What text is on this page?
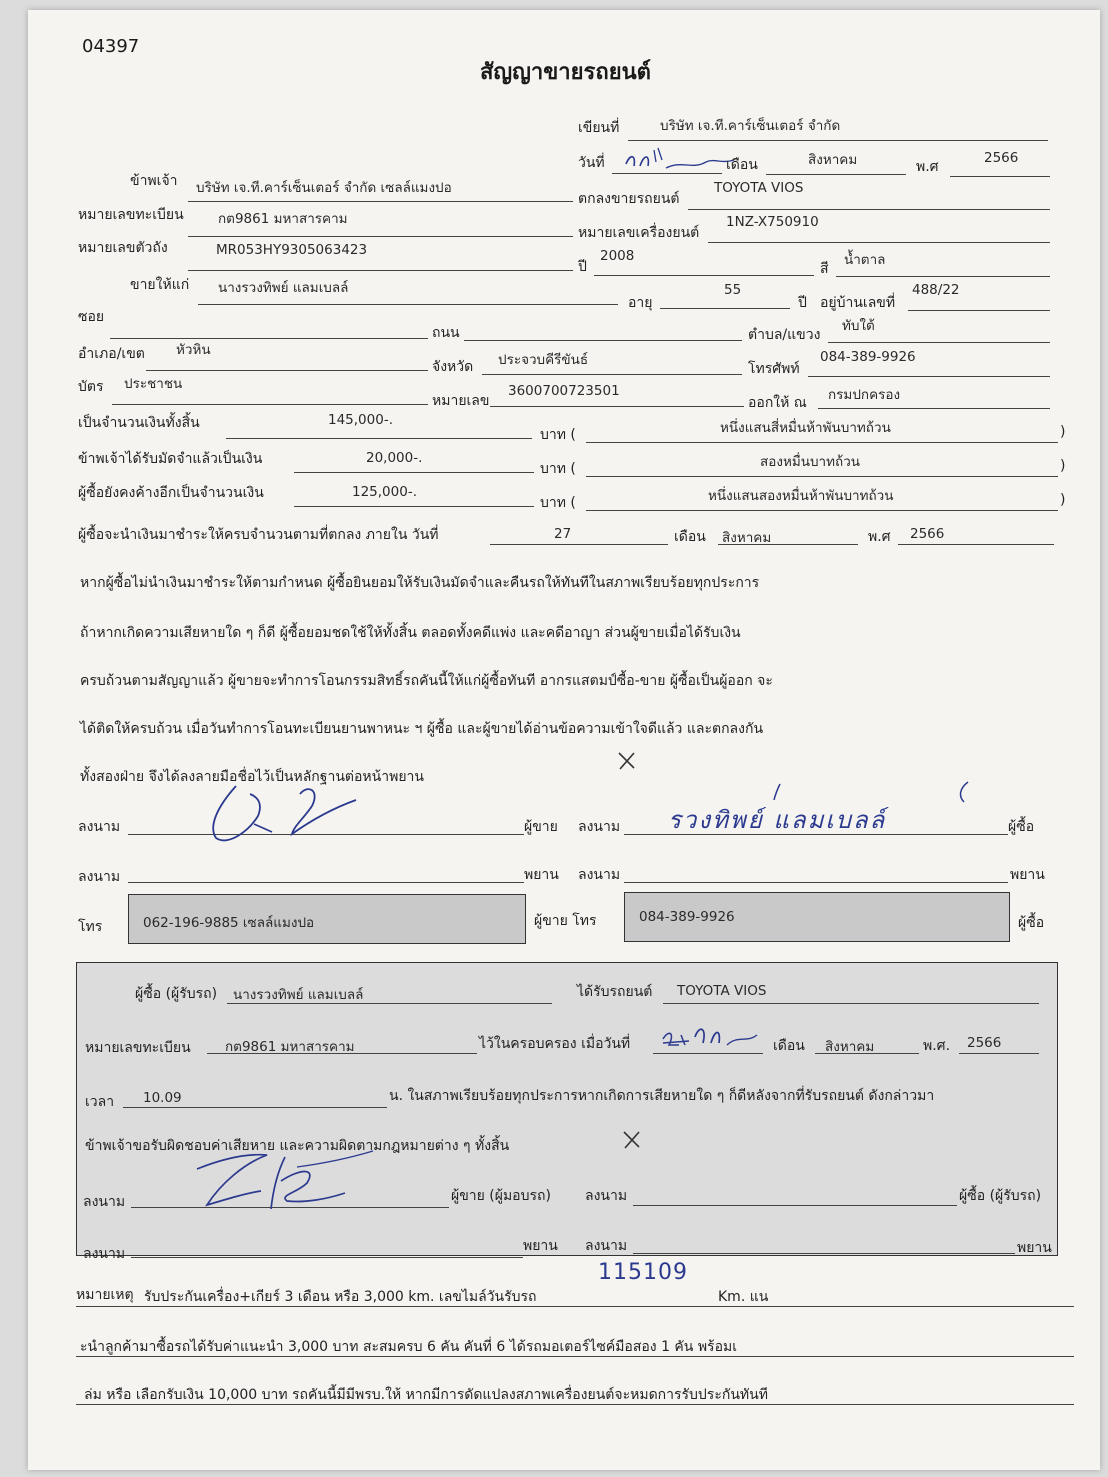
04397
สัญญาขายรถยนต์
เขียนที่	บริษัท เจ.ที.คาร์เซ็นเตอร์ จำกัด
วันที่	เดือน	สิงหาคม	พ.ศ
2566
ข้าพเจ้า บริษัท เจ.ที.คาร์เซ็นเตอร์ จำกัด เซลล์แมงปอ
ตกลงขายรถยนต์
TOYOTA VIOS
หมายเลขทะเบียน	กต9861 มหาสารคาม
หมายเลขเครื่องยนต์
1NZ-X750910
หมายเลขตัวถัง	MR053HY9305063423
ปี
2008
สี
น้ำตาล
ขายให้แก่ นางรวงทิพย์ แลมเบลล์
อายุ
55
ปี อยู่บ้านเลขที่
488/22
ซอย
ถนน	ตำบล/แขวง
ทับใต้
อำเภอ/เขต หัวหิน
จังหวัด ประจวบคีรีขันธ์
โทรศัพท์
084-389-9926
บัตร ประชาชน
หมายเลข
3600700723501
ออกให้ ณ กรมปกครอง
เป็นจำนวนเงินทั้งสิ้น	145,000-.
บาท (	หนึ่งแสนสี่หมื่นห้าพันบาทถ้วน	)
ข้าพเจ้าได้รับมัดจำแล้วเป็นเงิน	20,000-.
บาท (	สองหมื่นบาทถ้วน	)
ผู้ซื้อยังคงค้างอีกเป็นจำนวนเงิน	125,000-.
บาท (	หนึ่งแสนสองหมื่นห้าพันบาทถ้วน	)
ผู้ซื้อจะนำเงินมาชำระให้ครบจำนวนตามที่ตกลง ภายใน วันที่	27	เดือน สิงหาคม	พ.ศ 2566
หากผู้ซื้อไม่นำเงินมาชำระให้ตามกำหนด ผู้ซื้อยินยอมให้รับเงินมัดจำและคืนรถให้ทันทีในสภาพเรียบร้อยทุกประการ
ถ้าหากเกิดความเสียหายใด ๆ ก็ดี ผู้ซื้อยอมชดใช้ให้ทั้งสิ้น ตลอดทั้งคดีแพ่ง และคดีอาญา ส่วนผู้ขายเมื่อได้รับเงิน
ครบถ้วนตามสัญญาแล้ว ผู้ขายจะทำการโอนกรรมสิทธิ์รถคันนี้ให้แก่ผู้ซื้อทันที อากรแสตมป์ซื้อ-ขาย ผู้ซื้อเป็นผู้ออก จะ
ได้ติดให้ครบถ้วน เมื่อวันทำการโอนทะเบียนยานพาหนะ ฯ ผู้ซื้อ และผู้ขายได้อ่านข้อความเข้าใจดีแล้ว และตกลงกัน
ทั้งสองฝ่าย จึงได้ลงลายมือชื่อไว้เป็นหลักฐานต่อหน้าพยาน
ลงนาม	ผู้ขาย ลงนาม รวงทิพย์ แลมเบลล์	ผู้ซื้อ
ลงนาม	พยาน ลงนาม	พยาน
โทร	062-196-9885 เซลล์แมงปอ	ผู้ขาย โทร	084-389-9926	ผู้ซื้อ
ผู้ซื้อ (ผู้รับรถ) นางรวงทิพย์ แลมเบลล์	ได้รับรถยนต์ TOYOTA VIOS
หมายเลขทะเบียน	กต9861 มหาสารคาม	ไว้ในครอบครอง เมื่อวันที่	เดือน สิงหาคม	พ.ศ. 2566
เวลา 10.09	น. ในสภาพเรียบร้อยทุกประการหากเกิดการเสียหายใด ๆ ก็ดีหลังจากที่รับรถยนต์ ดังกล่าวมา
ข้าพเจ้าขอรับผิดชอบค่าเสียหาย และความผิดตามกฎหมายต่าง ๆ ทั้งสิ้น
ลงนาม	ผู้ขาย (ผู้มอบรถ) ลงนาม	ผู้ซื้อ (ผู้รับรถ)
ลงนาม	พยาน ลงนาม	พยาน
หมายเหตุ รับประกันเครื่อง+เกียร์ 3 เดือน หรือ 3,000 km. เลขไมล์วันรับรถ
115109
Km. แน
ะนำลูกค้ามาซื้อรถได้รับค่าแนะนำ 3,000 บาท สะสมครบ 6 คัน คันที่ 6 ได้รถมอเตอร์ไซค์มือสอง 1 คัน พร้อมเ
ล่ม หรือ เลือกรับเงิน 10,000 บาท รถคันนี้มีมีพรบ.ให้ หากมีการดัดแปลงสภาพเครื่องยนต์จะหมดการรับประกันทันที
